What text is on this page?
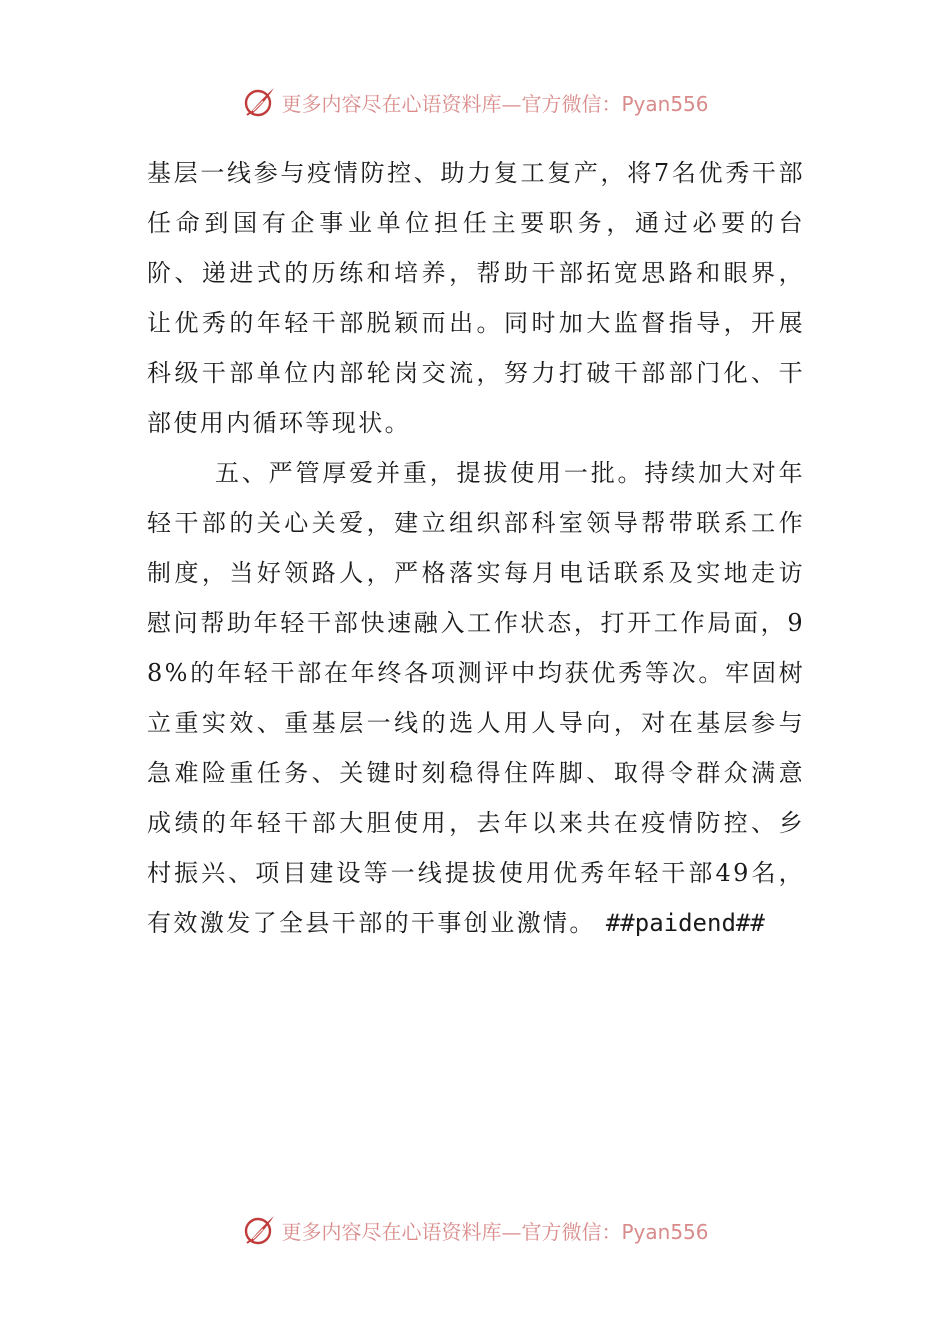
更多内容尽在心语资料库—官方微信：Pyan556

基层一线参与疫情防控、助力复工复产，将7名优秀干部任命到国有企事业单位担任主要职务，通过必要的台阶、递进式的历练和培养，帮助干部拓宽思路和眼界，让优秀的年轻干部脱颖而出。同时加大监督指导，开展科级干部单位内部轮岗交流，努力打破干部部门化、干部使用内循环等现状。

五、严管厚爱并重，提拔使用一批。持续加大对年轻干部的关心关爱，建立组织部科室领导帮带联系工作制度，当好领路人，严格落实每月电话联系及实地走访慰问帮助年轻干部快速融入工作状态，打开工作局面，98%的年轻干部在年终各项测评中均获优秀等次。牢固树立重实效、重基层一线的选人用人导向，对在基层参与急难险重任务、关键时刻稳得住阵脚、取得令群众满意成绩的年轻干部大胆使用，去年以来共在疫情防控、乡村振兴、项目建设等一线提拔使用优秀年轻干部49名，有效激发了全县干部的干事创业激情。 ##paidend##

更多内容尽在心语资料库—官方微信：Pyan556
